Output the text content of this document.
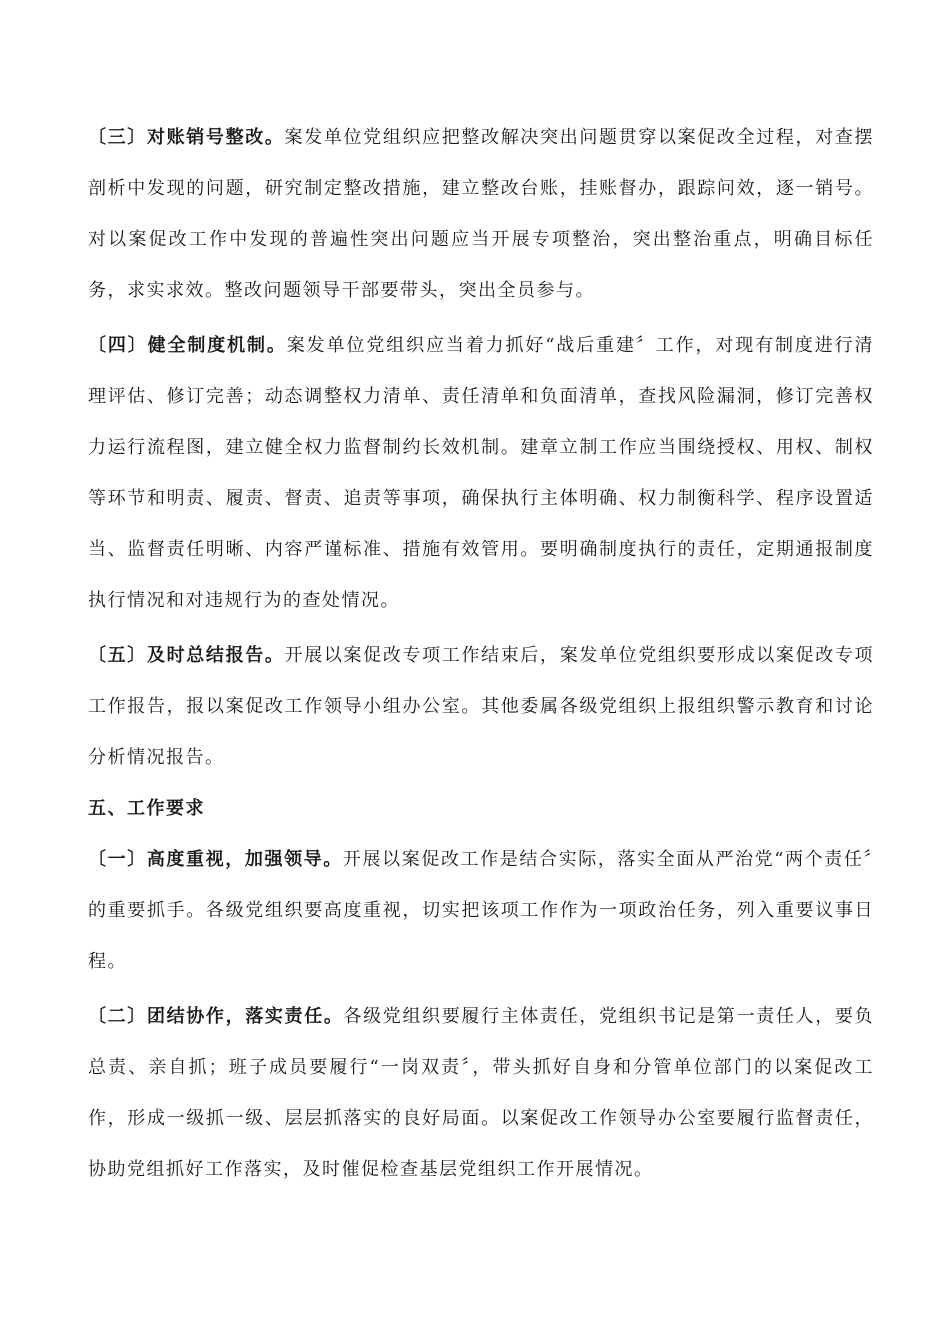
〔三〕对账销号整改。案发单位党组织应把整改解决突出问题贯穿以案促改全过程，对查摆剖析中发现的问题，研究制定整改措施，建立整改台账，挂账督办，跟踪问效，逐一销号。对以案促改工作中发现的普遍性突出问题应当开展专项整治，突出整治重点，明确目标任务，求实求效。整改问题领导干部要带头，突出全员参与。

〔四〕健全制度机制。案发单位党组织应当着力抓好“战后重建〞工作，对现有制度进行清理评估、修订完善；动态调整权力清单、责任清单和负面清单，查找风险漏洞，修订完善权力运行流程图，建立健全权力监督制约长效机制。建章立制工作应当围绕授权、用权、制权等环节和明责、履责、督责、追责等事项，确保执行主体明确、权力制衡科学、程序设置适当、监督责任明晰、内容严谨标准、措施有效管用。要明确制度执行的责任，定期通报制度执行情况和对违规行为的查处情况。

〔五〕及时总结报告。开展以案促改专项工作结束后，案发单位党组织要形成以案促改专项工作报告，报以案促改工作领导小组办公室。其他委属各级党组织上报组织警示教育和讨论分析情况报告。

五、工作要求

〔一〕高度重视，加强领导。开展以案促改工作是结合实际，落实全面从严治党“两个责任〞的重要抓手。各级党组织要高度重视，切实把该项工作作为一项政治任务，列入重要议事日程。

〔二〕团结协作，落实责任。各级党组织要履行主体责任，党组织书记是第一责任人，要负总责、亲自抓；班子成员要履行“一岗双责〞，带头抓好自身和分管单位部门的以案促改工作，形成一级抓一级、层层抓落实的良好局面。以案促改工作领导办公室要履行监督责任，协助党组抓好工作落实，及时催促检查基层党组织工作开展情况。
